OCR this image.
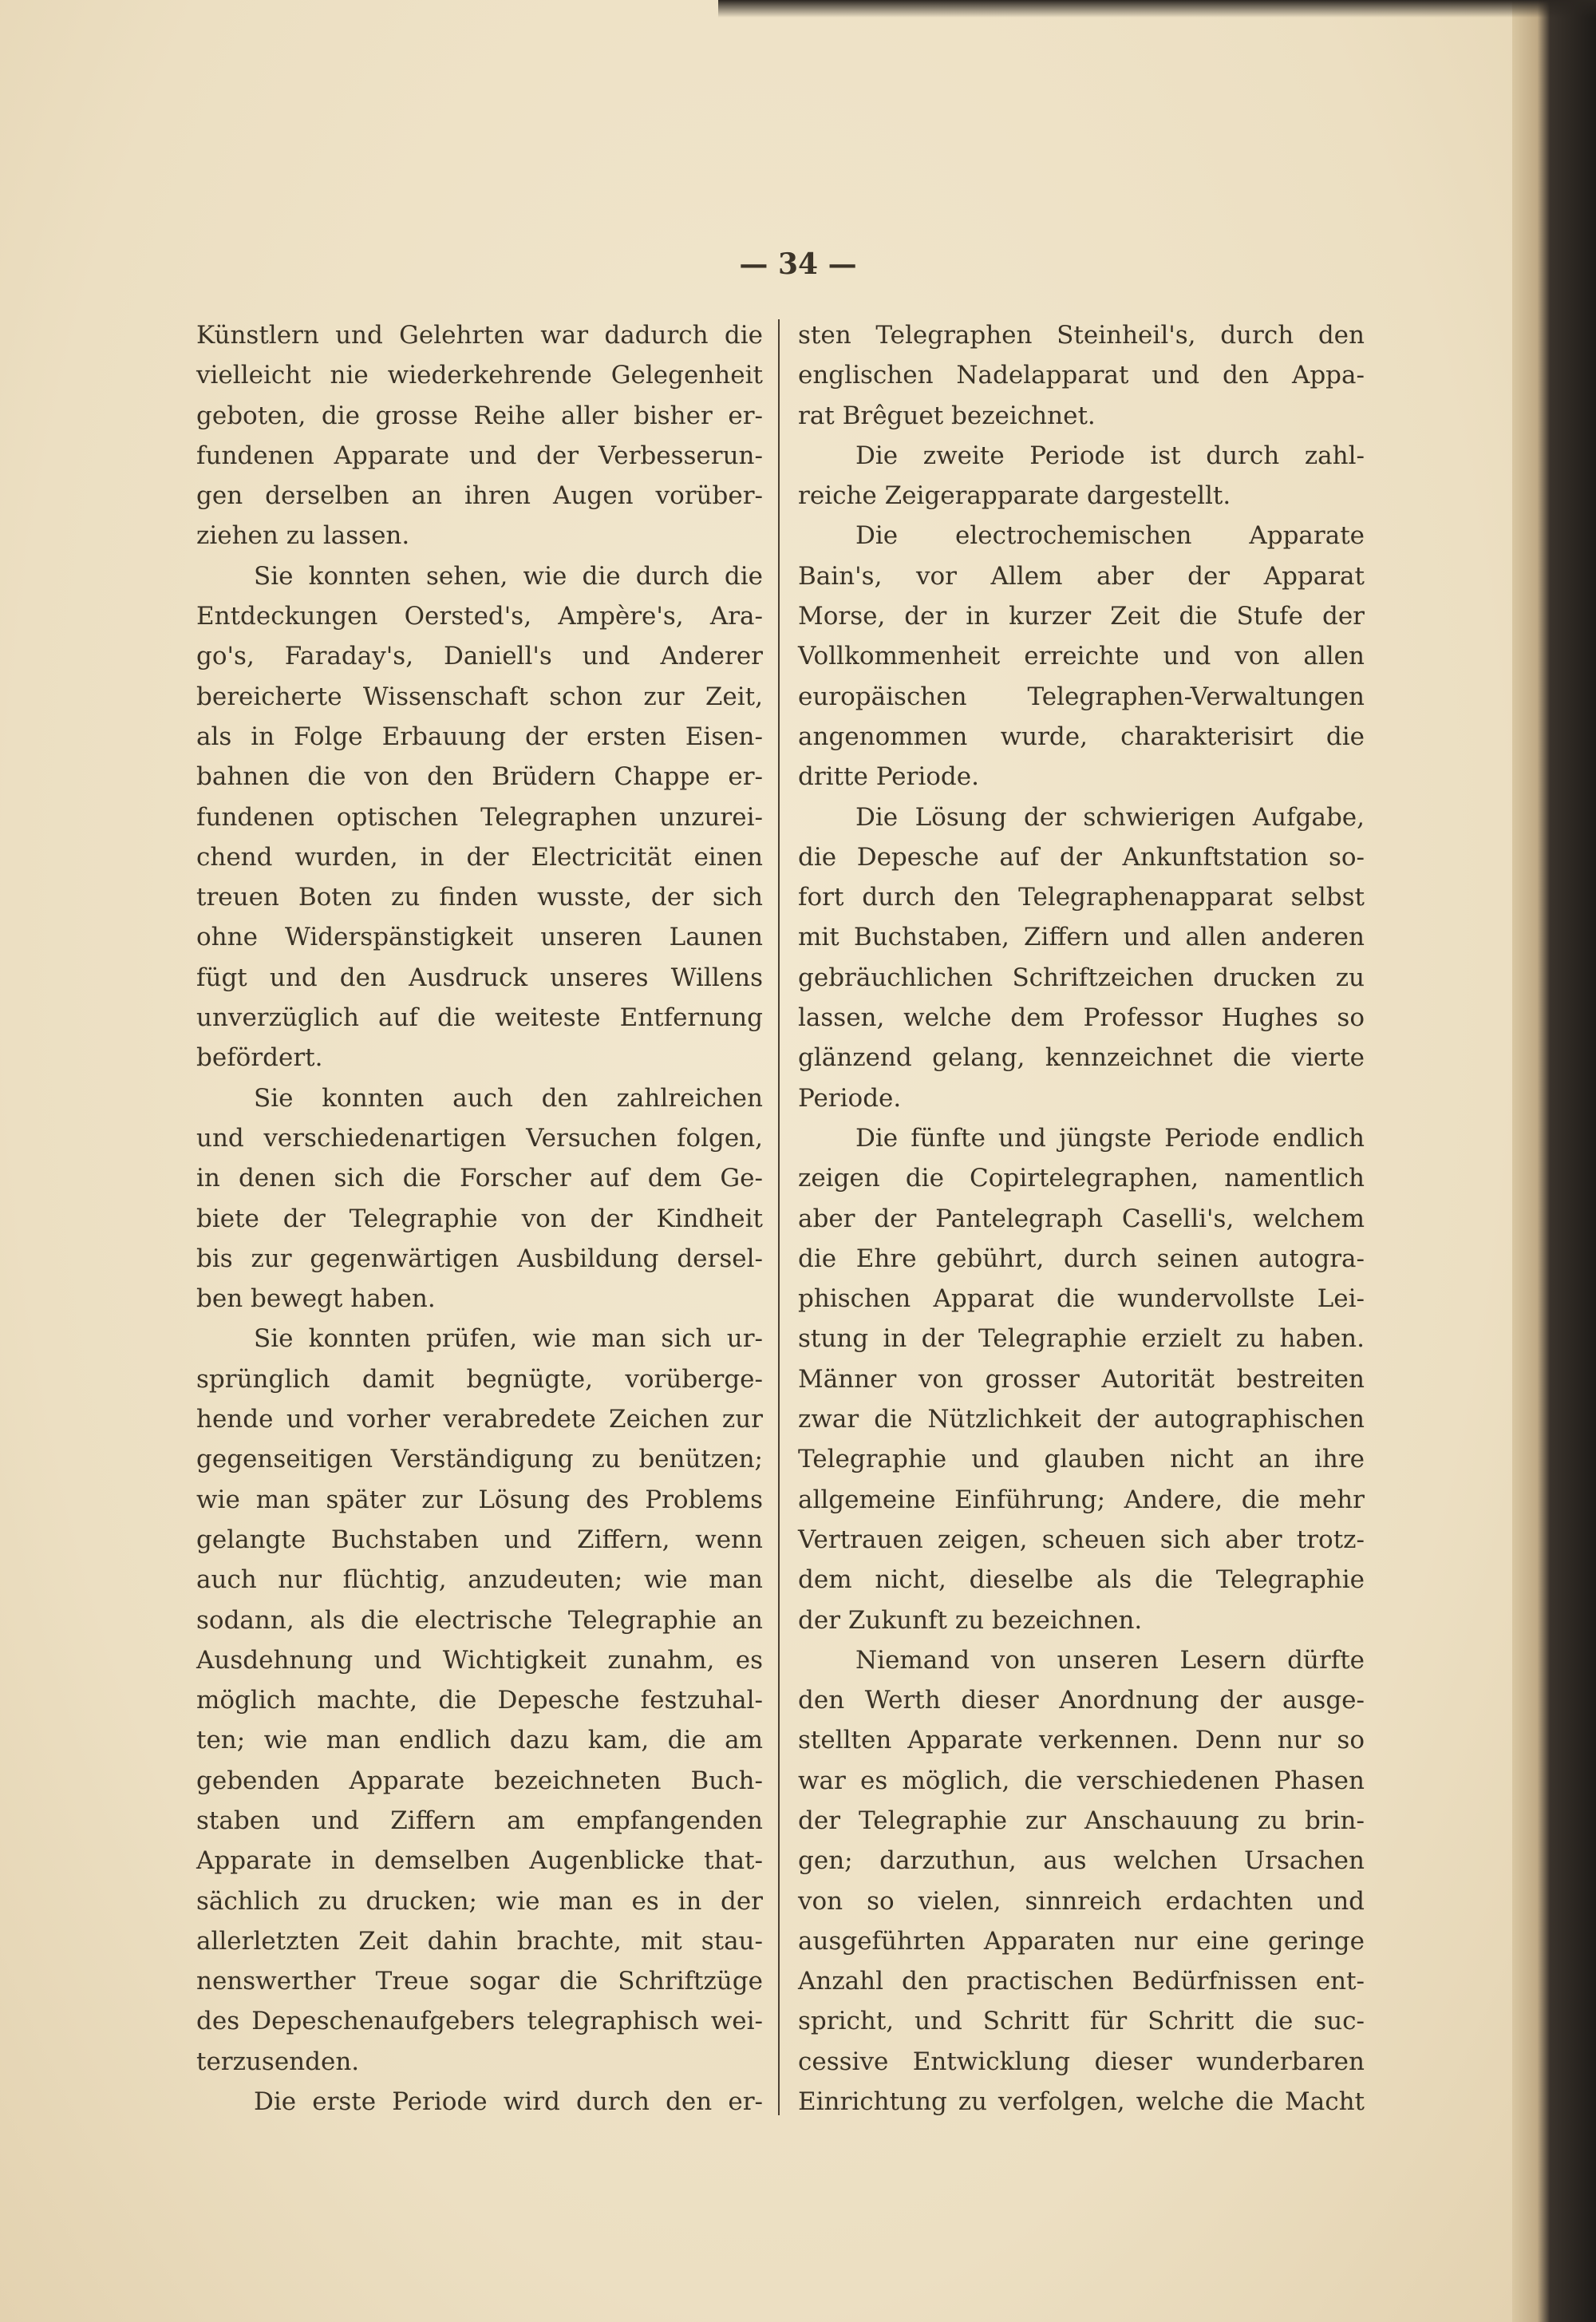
— 34 —
Künstlern und Gelehrten war dadurch die
vielleicht nie wiederkehrende Gelegenheit
geboten, die grosse Reihe aller bisher er-
fundenen Apparate und der Verbesserun-
gen derselben an ihren Augen vorüber-
ziehen zu lassen.
Sie konnten sehen, wie die durch die
Entdeckungen Oersted's, Ampère's, Ara-
go's, Faraday's, Daniell's und Anderer
bereicherte Wissenschaft schon zur Zeit,
als in Folge Erbauung der ersten Eisen-
bahnen die von den Brüdern Chappe er-
fundenen optischen Telegraphen unzurei-
chend wurden, in der Electricität einen
treuen Boten zu finden wusste, der sich
ohne Widerspänstigkeit unseren Launen
fügt und den Ausdruck unseres Willens
unverzüglich auf die weiteste Entfernung
befördert.
Sie konnten auch den zahlreichen
und verschiedenartigen Versuchen folgen,
in denen sich die Forscher auf dem Ge-
biete der Telegraphie von der Kindheit
bis zur gegenwärtigen Ausbildung dersel-
ben bewegt haben.
Sie konnten prüfen, wie man sich ur-
sprünglich damit begnügte, vorüberge-
hende und vorher verabredete Zeichen zur
gegenseitigen Verständigung zu benützen;
wie man später zur Lösung des Problems
gelangte Buchstaben und Ziffern, wenn
auch nur flüchtig, anzudeuten; wie man
sodann, als die electrische Telegraphie an
Ausdehnung und Wichtigkeit zunahm, es
möglich machte, die Depesche festzuhal-
ten; wie man endlich dazu kam, die am
gebenden Apparate bezeichneten Buch-
staben und Ziffern am empfangenden
Apparate in demselben Augenblicke that-
sächlich zu drucken; wie man es in der
allerletzten Zeit dahin brachte, mit stau-
nenswerther Treue sogar die Schriftzüge
des Depeschenaufgebers telegraphisch wei-
terzusenden.
Die erste Periode wird durch den er-
sten Telegraphen Steinheil's, durch den
englischen Nadelapparat und den Appa-
rat Brêguet bezeichnet.
Die zweite Periode ist durch zahl-
reiche Zeigerapparate dargestellt.
Die electrochemischen Apparate
Bain's, vor Allem aber der Apparat
Morse, der in kurzer Zeit die Stufe der
Vollkommenheit erreichte und von allen
europäischen Telegraphen-Verwaltungen
angenommen wurde, charakterisirt die
dritte Periode.
Die Lösung der schwierigen Aufgabe,
die Depesche auf der Ankunftstation so-
fort durch den Telegraphenapparat selbst
mit Buchstaben, Ziffern und allen anderen
gebräuchlichen Schriftzeichen drucken zu
lassen, welche dem Professor Hughes so
glänzend gelang, kennzeichnet die vierte
Periode.
Die fünfte und jüngste Periode endlich
zeigen die Copirtelegraphen, namentlich
aber der Pantelegraph Caselli's, welchem
die Ehre gebührt, durch seinen autogra-
phischen Apparat die wundervollste Lei-
stung in der Telegraphie erzielt zu haben.
Männer von grosser Autorität bestreiten
zwar die Nützlichkeit der autographischen
Telegraphie und glauben nicht an ihre
allgemeine Einführung; Andere, die mehr
Vertrauen zeigen, scheuen sich aber trotz-
dem nicht, dieselbe als die Telegraphie
der Zukunft zu bezeichnen.
Niemand von unseren Lesern dürfte
den Werth dieser Anordnung der ausge-
stellten Apparate verkennen. Denn nur so
war es möglich, die verschiedenen Phasen
der Telegraphie zur Anschauung zu brin-
gen; darzuthun, aus welchen Ursachen
von so vielen, sinnreich erdachten und
ausgeführten Apparaten nur eine geringe
Anzahl den practischen Bedürfnissen ent-
spricht, und Schritt für Schritt die suc-
cessive Entwicklung dieser wunderbaren
Einrichtung zu verfolgen, welche die Macht
